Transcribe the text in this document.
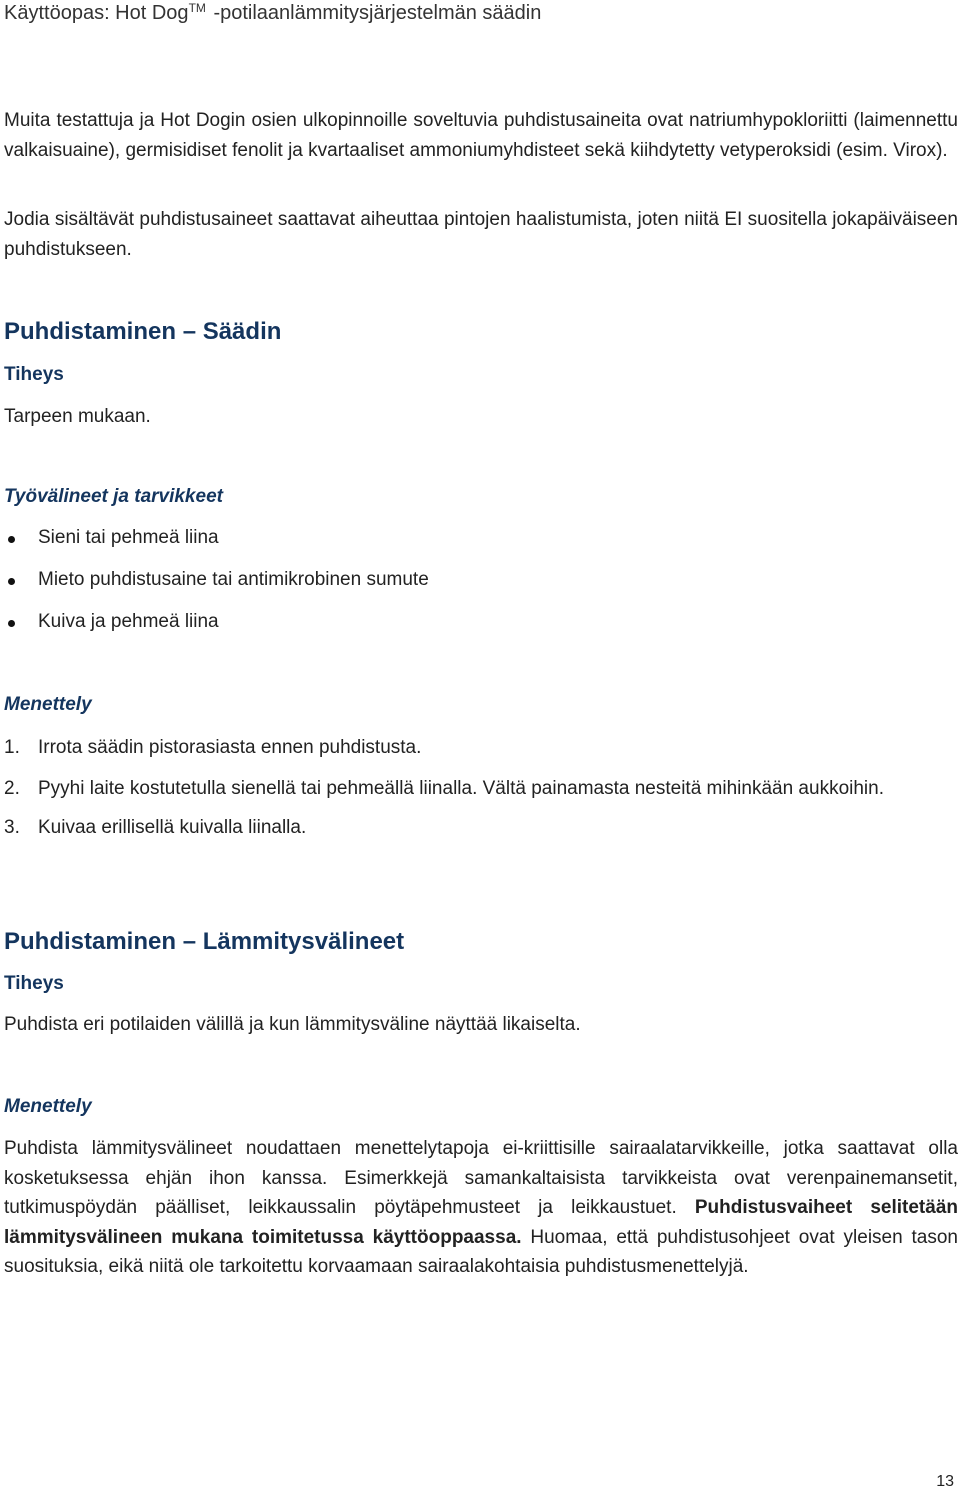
Käyttöopas: Hot Dog™ -potilaanlämmitysjärjestelmän säädin

Muita testattuja ja Hot Dogin osien ulkopinnoille soveltuvia puhdistusaineita ovat natriumhypokloriitti (laimennettu valkaisuaine), germisidiset fenolit ja kvartaaliset ammoniumyhdisteet sekä kiihdytetty vetyperoksidi (esim. Virox).

Jodia sisältävät puhdistusaineet saattavat aiheuttaa pintojen haalistumista, joten niitä EI suositella jokapäiväiseen puhdistukseen.

Puhdistaminen – Säädin
Tiheys

Tarpeen mukaan.

Työvälineet ja tarvikkeet
Sieni tai pehmeä liina
Mieto puhdistusaine tai antimikrobinen sumute
Kuiva ja pehmeä liina
Menettely
1. Irrota säädin pistorasiasta ennen puhdistusta.
2. Pyyhi laite kostutetulla sienellä tai pehmeällä liinalla. Vältä painamasta nesteitä mihinkään aukkoihin.
3. Kuivaa erillisellä kuivalla liinalla.
Puhdistaminen – Lämmitysvälineet
Tiheys

Puhdista eri potilaiden välillä ja kun lämmitysväline näyttää likaiselta.

Menettely

Puhdista lämmitysvälineet noudattaen menettelytapoja ei-kriittisille sairaalatarvikkeille, jotka saattavat olla kosketuksessa ehjän ihon kanssa. Esimerkkejä samankaltaisista tarvikkeista ovat verenpainemansetit, tutkimuspöydän päälliset, leikkaussalin pöytäpehmusteet ja leikkaustuet. Puhdistusvaiheet selitetään lämmitysvälineen mukana toimitetussa käyttöoppaassa. Huomaa, että puhdistusohjeet ovat yleisen tason suosituksia, eikä niitä ole tarkoitettu korvaamaan sairaalakohtaisia puhdistusmenettelyjä.

13
